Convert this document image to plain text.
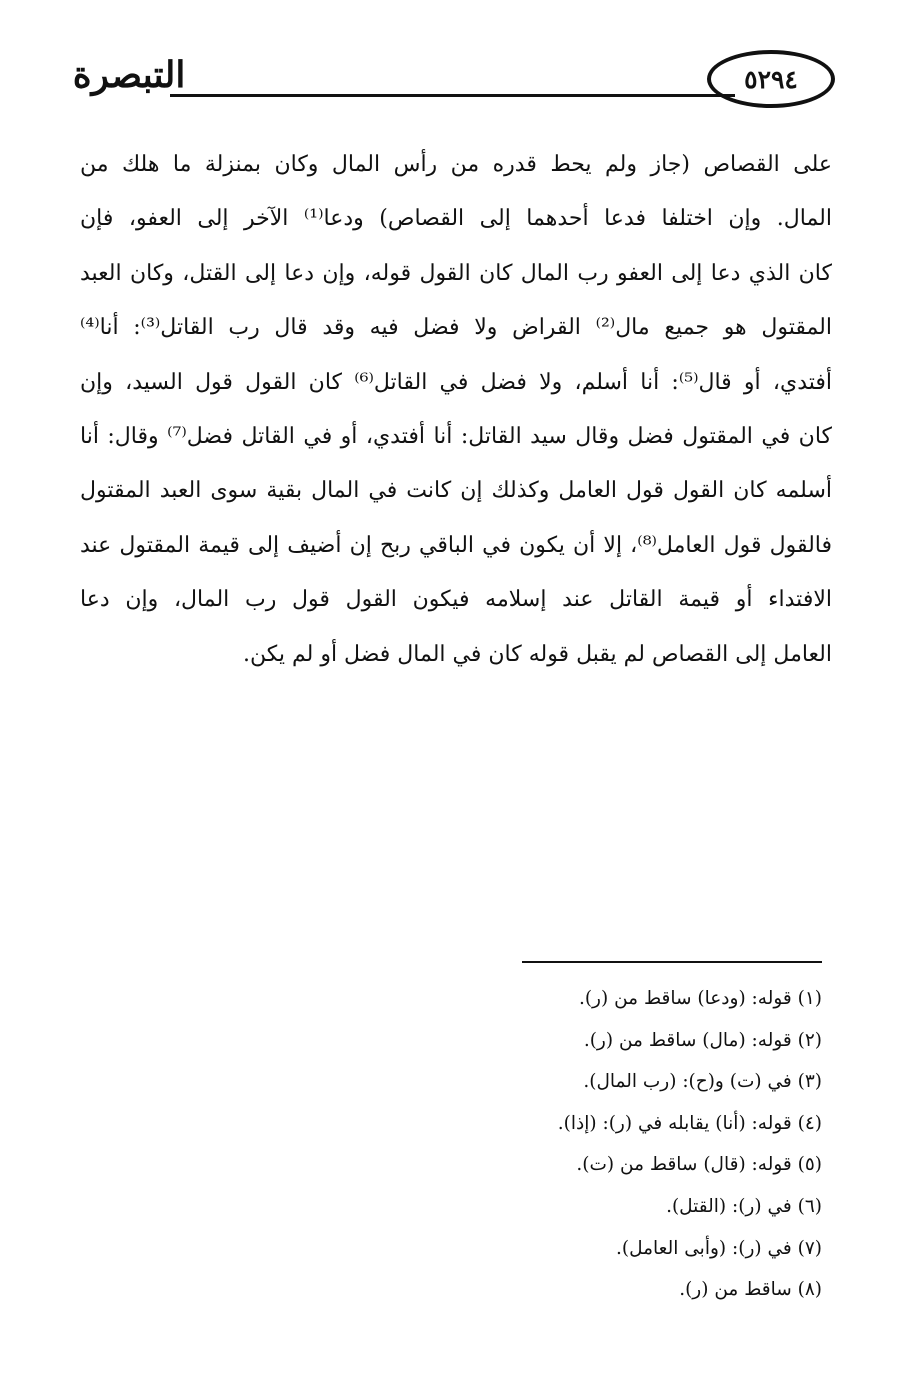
التبصرة	٥٢٩٤
على القصاص (جاز ولم يحط قدره من رأس المال وكان بمنزلة ما هلك من
المال. وإن اختلفا فدعا أحدهما إلى القصاص) ودعا⁽¹⁾ الآخر إلى العفو، فإن
كان الذي دعا إلى العفو رب المال كان القول قوله، وإن دعا إلى القتل، وكان العبد
المقتول هو جميع مال⁽²⁾ القراض ولا فضل فيه وقد قال رب القاتل⁽³⁾: أنا⁽⁴⁾
أفتدي، أو قال⁽⁵⁾: أنا أسلم، ولا فضل في القاتل⁽⁶⁾ كان القول قول السيد، وإن
كان في المقتول فضل وقال سيد القاتل: أنا أفتدي، أو في القاتل فضل⁽⁷⁾ وقال: أنا
أسلمه كان القول قول العامل وكذلك إن كانت في المال بقية سوى العبد المقتول
فالقول قول العامل⁽⁸⁾، إلا أن يكون في الباقي ربح إن أضيف إلى قيمة المقتول عند
الافتداء أو قيمة القاتل عند إسلامه فيكون القول قول رب المال، وإن دعا
العامل إلى القصاص لم يقبل قوله كان في المال فضل أو لم يكن.
(١) قوله: (ودعا) ساقط من (ر).
(٢) قوله: (مال) ساقط من (ر).
(٣) في (ت) و(ح): (رب المال).
(٤) قوله: (أنا) يقابله في (ر): (إذا).
(٥) قوله: (قال) ساقط من (ت).
(٦) في (ر): (القتل).
(٧) في (ر): (وأبى العامل).
(٨) ساقط من (ر).
